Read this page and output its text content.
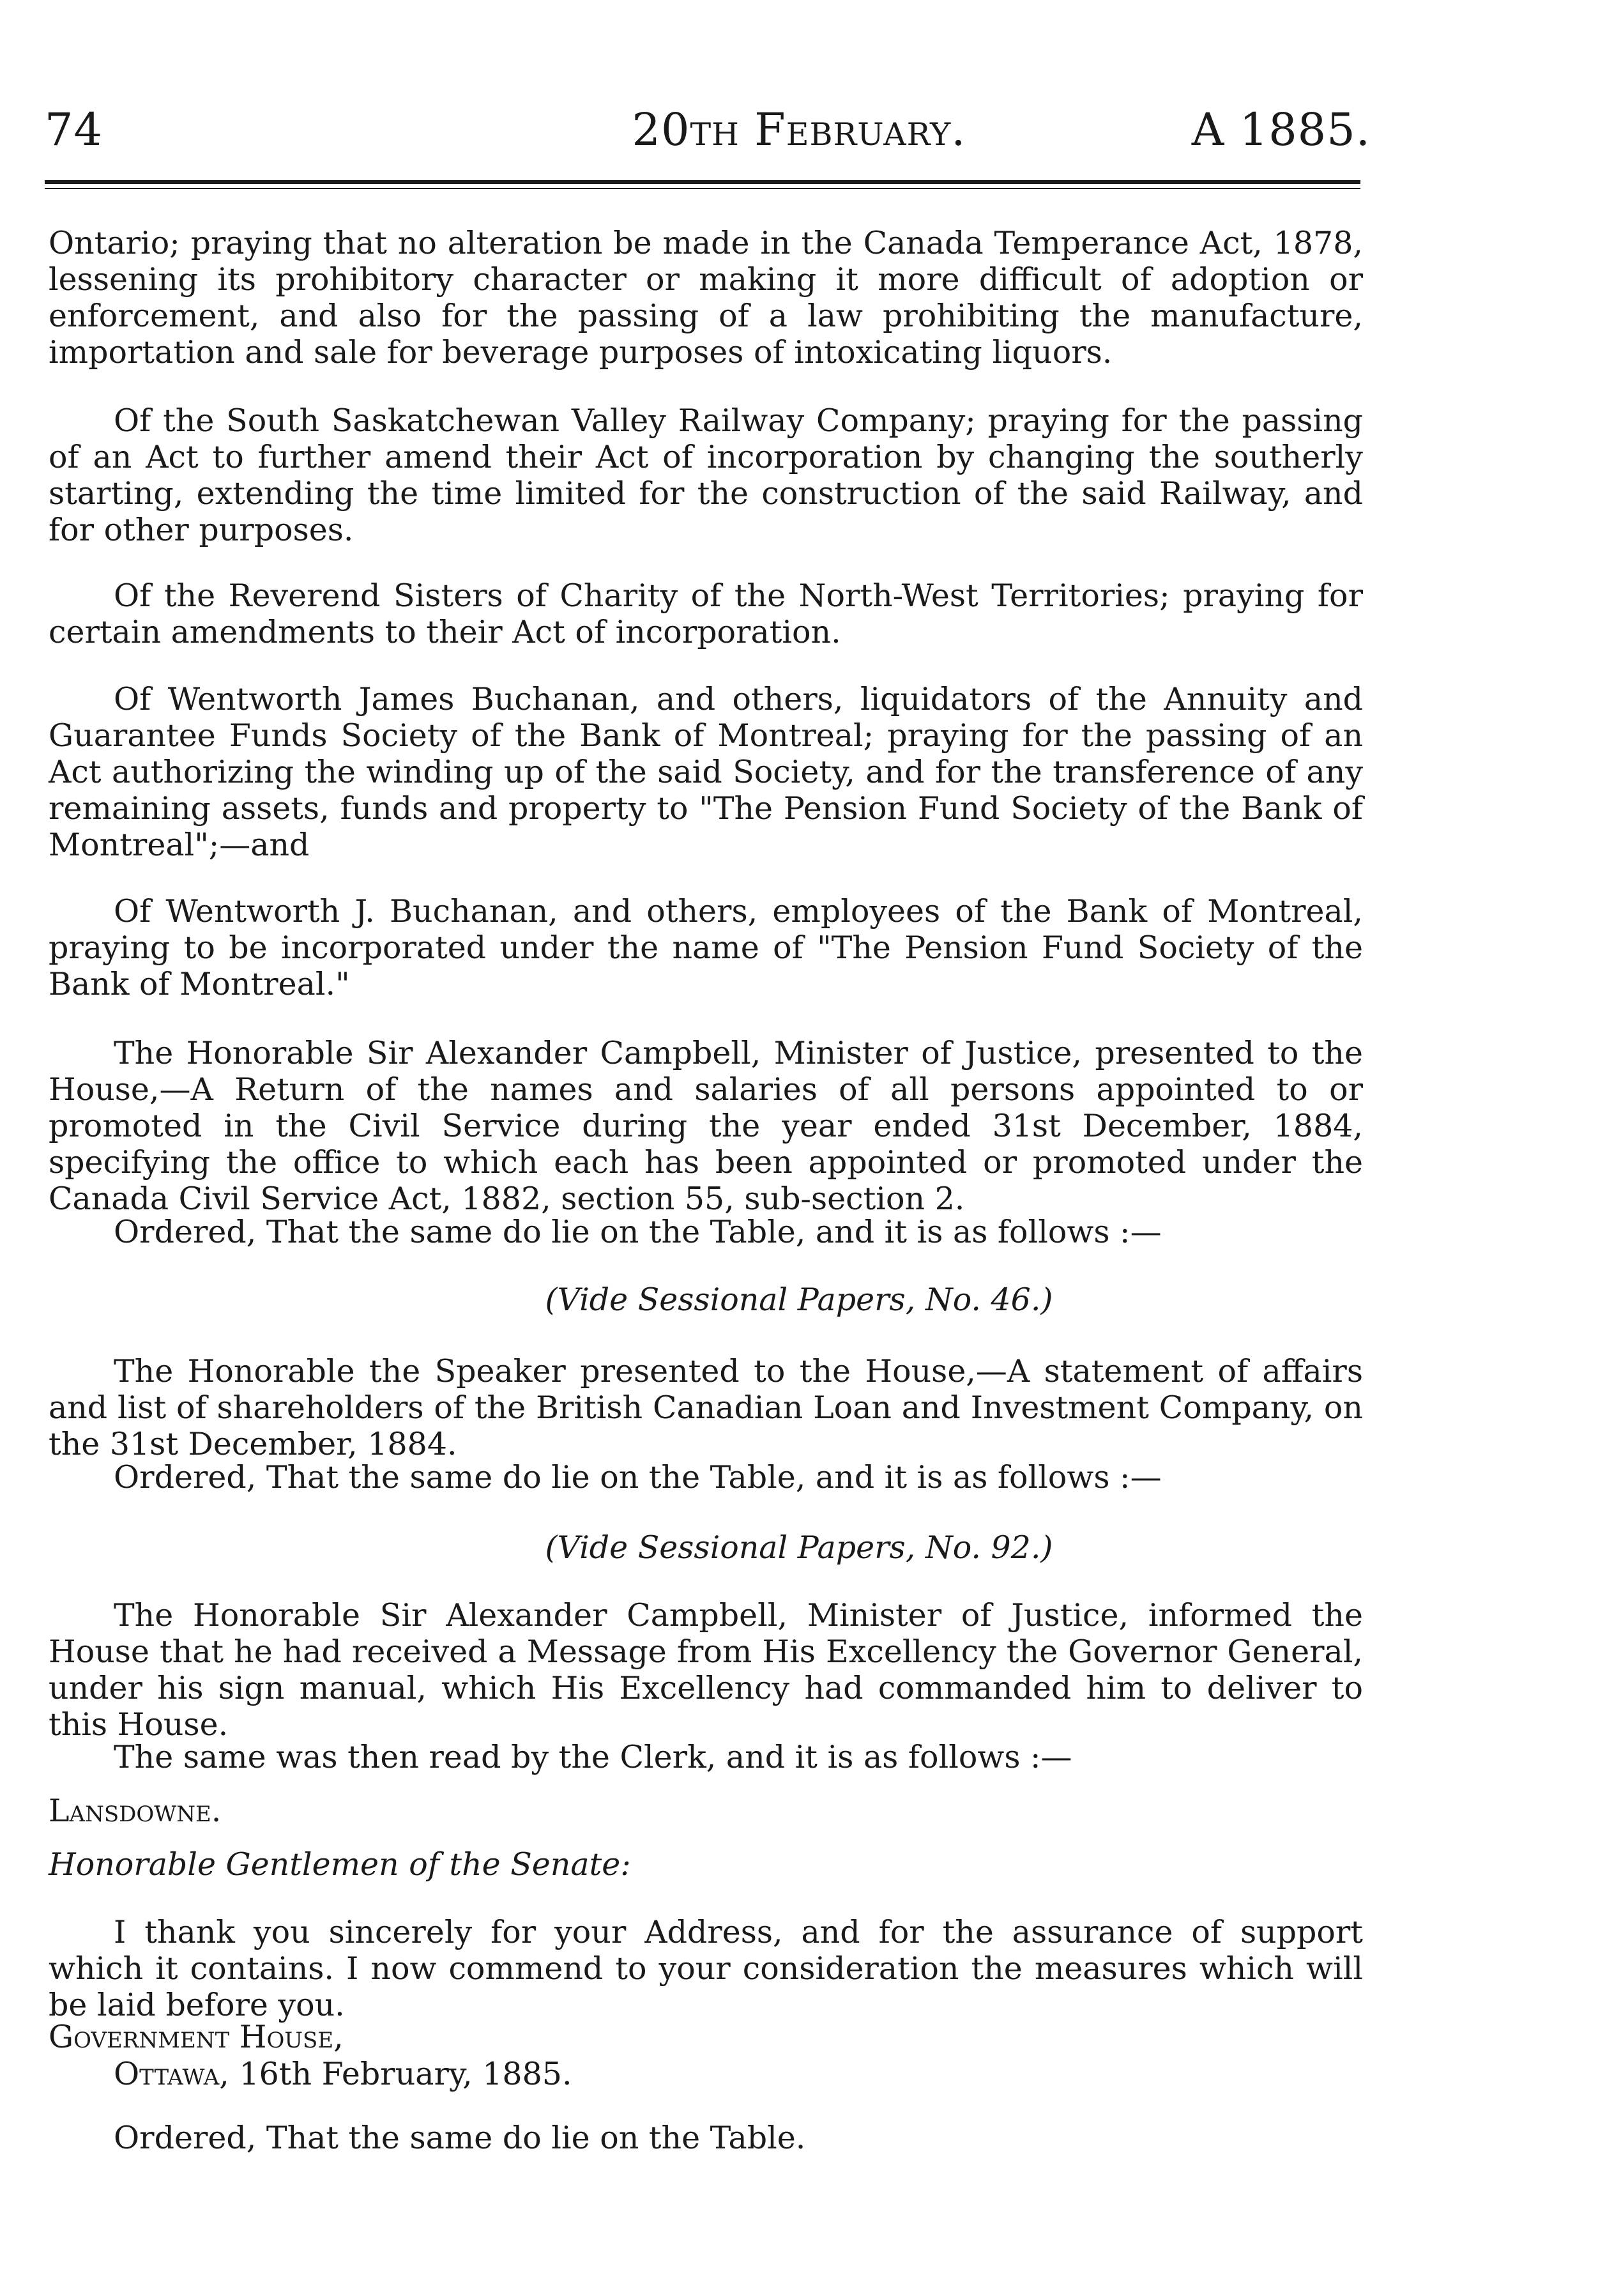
74	20th February.	A 1885.
Ontario; praying that no alteration be made in the Canada Temperance Act, 1878, lessening its prohibitory character or making it more difficult of adoption or enforcement, and also for the passing of a law prohibiting the manufacture, importation and sale for beverage purposes of intoxicating liquors.
Of the South Saskatchewan Valley Railway Company; praying for the passing of an Act to further amend their Act of incorporation by changing the southerly starting, extending the time limited for the construction of the said Railway, and for other purposes.
Of the Reverend Sisters of Charity of the North-West Territories; praying for certain amendments to their Act of incorporation.
Of Wentworth James Buchanan, and others, liquidators of the Annuity and Guarantee Funds Society of the Bank of Montreal; praying for the passing of an Act authorizing the winding up of the said Society, and for the transference of any remaining assets, funds and property to "The Pension Fund Society of the Bank of Montreal";—and
Of Wentworth J. Buchanan, and others, employees of the Bank of Montreal, praying to be incorporated under the name of "The Pension Fund Society of the Bank of Montreal."
The Honorable Sir Alexander Campbell, Minister of Justice, presented to the House,—A Return of the names and salaries of all persons appointed to or promoted in the Civil Service during the year ended 31st December, 1884, specifying the office to which each has been appointed or promoted under the Canada Civil Service Act, 1882, section 55, sub-section 2.
Ordered, That the same do lie on the Table, and it is as follows :—
(Vide Sessional Papers, No. 46.)
The Honorable the Speaker presented to the House,—A statement of affairs and list of shareholders of the British Canadian Loan and Investment Company, on the 31st December, 1884.
Ordered, That the same do lie on the Table, and it is as follows :—
(Vide Sessional Papers, No. 92.)
The Honorable Sir Alexander Campbell, Minister of Justice, informed the House that he had received a Message from His Excellency the Governor General, under his sign manual, which His Excellency had commanded him to deliver to this House.
The same was then read by the Clerk, and it is as follows :—
Lansdowne.
Honorable Gentlemen of the Senate:
I thank you sincerely for your Address, and for the assurance of support which it contains. I now commend to your consideration the measures which will be laid before you.
Government House,
Ottawa, 16th February, 1885.
Ordered, That the same do lie on the Table.
